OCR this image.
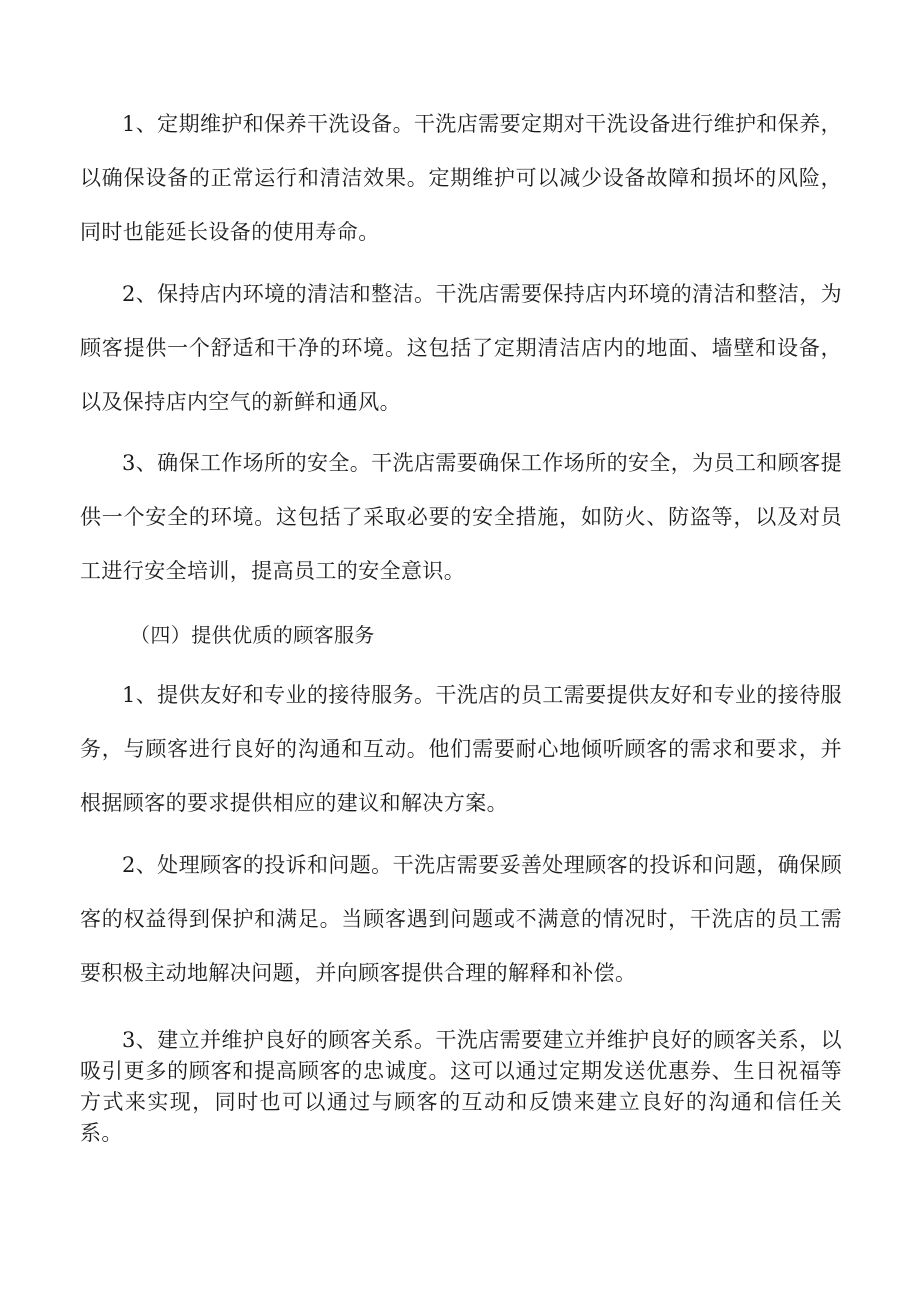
1、定期维护和保养干洗设备。干洗店需要定期对干洗设备进行维护和保养，以确保设备的正常运行和清洁效果。定期维护可以减少设备故障和损坏的风险，同时也能延长设备的使用寿命。

2、保持店内环境的清洁和整洁。干洗店需要保持店内环境的清洁和整洁，为顾客提供一个舒适和干净的环境。这包括了定期清洁店内的地面、墙壁和设备，以及保持店内空气的新鲜和通风。

3、确保工作场所的安全。干洗店需要确保工作场所的安全，为员工和顾客提供一个安全的环境。这包括了采取必要的安全措施，如防火、防盗等，以及对员工进行安全培训，提高员工的安全意识。

（四）提供优质的顾客服务

1、提供友好和专业的接待服务。干洗店的员工需要提供友好和专业的接待服务，与顾客进行良好的沟通和互动。他们需要耐心地倾听顾客的需求和要求，并根据顾客的要求提供相应的建议和解决方案。

2、处理顾客的投诉和问题。干洗店需要妥善处理顾客的投诉和问题，确保顾客的权益得到保护和满足。当顾客遇到问题或不满意的情况时，干洗店的员工需要积极主动地解决问题，并向顾客提供合理的解释和补偿。

3、建立并维护良好的顾客关系。干洗店需要建立并维护良好的顾客关系，以吸引更多的顾客和提高顾客的忠诚度。这可以通过定期发送优惠券、生日祝福等方式来实现，同时也可以通过与顾客的互动和反馈来建立良好的沟通和信任关系。
